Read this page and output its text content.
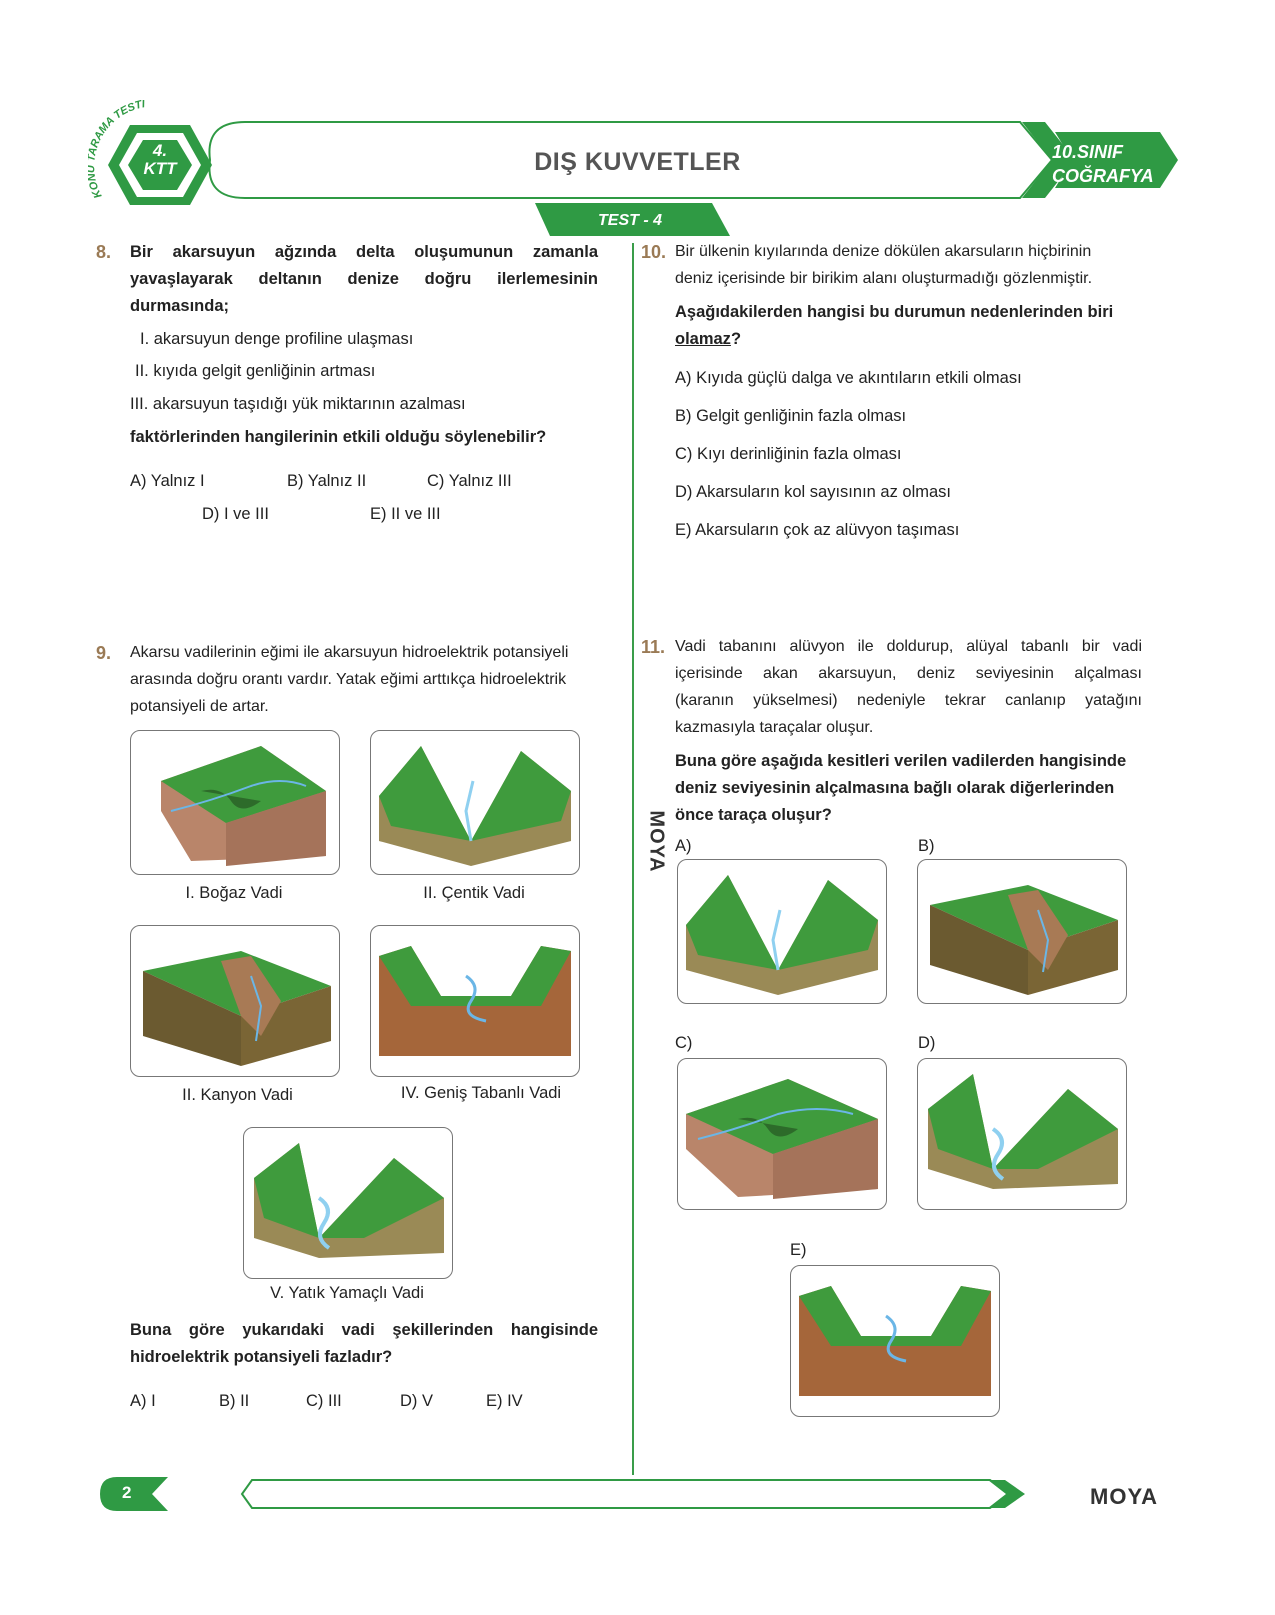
KO RAMA TESTİ
4.
KTT	DIŞ KUVVETLER	10.SINIF
COĞRAFYA
TEST - 4
MOYA
8. Bir akarsuyun ağzında delta oluşumunun zamanla
yavaşlayarak deltanın denize doğru ilerlemesinin
durmasında;
I. akarsuyun denge profiline ulaşması
II. kıyıda gelgit genliğinin artması
III. akarsuyun taşıdığı yük miktarının azalması
faktörlerinden hangilerinin etkili olduğu söylenebilir?
A) Yalnız I	B) Yalnız II	C) Yalnız III
D) I ve III	E) II ve III
9. Akarsu vadilerinin eğimi ile akarsuyun hidroelektrik potansiyeli
arasında doğru orantı vardır. Yatak eğimi arttıkça hidroelektrik
potansiyeli de artar.
I. Boğaz Vadi	II. Çentik Vadi
II. Kanyon Vadi	IV. Geniş Tabanlı Vadi
V. Yatık Yamaçlı Vadi
Buna göre yukarıdaki vadi şekillerinden hangisinde
hidroelektrik potansiyeli fazladır?
A) I	B) II	C) III	D) V	E) IV
10. Bir ülkenin kıyılarında denize dökülen akarsuların hiçbirinin
deniz içerisinde bir birikim alanı oluşturmadığı gözlenmiştir.
Aşağıdakilerden hangisi bu durumun nedenlerinden biri
olamaz?
A) Kıyıda güçlü dalga ve akıntıların etkili olması
B) Gelgit genliğinin fazla olması
C) Kıyı derinliğinin fazla olması
D) Akarsuların kol sayısının az olması
E) Akarsuların çok az alüvyon taşıması
11. Vadi tabanını alüvyon ile doldurup, alüyal tabanlı bir vadi
içerisinde akan akarsuyun, deniz seviyesinin alçalması
(karanın yükselmesi) nedeniyle tekrar canlanıp yatağını
kazmasıyla taraçalar oluşur.
Buna göre aşağıda kesitleri verilen vadilerden hangisinde
deniz seviyesinin alçalmasına bağlı olarak diğerlerinden
önce taraça oluşur?
A)	B)
C)	D)
E)
2	MOYA
